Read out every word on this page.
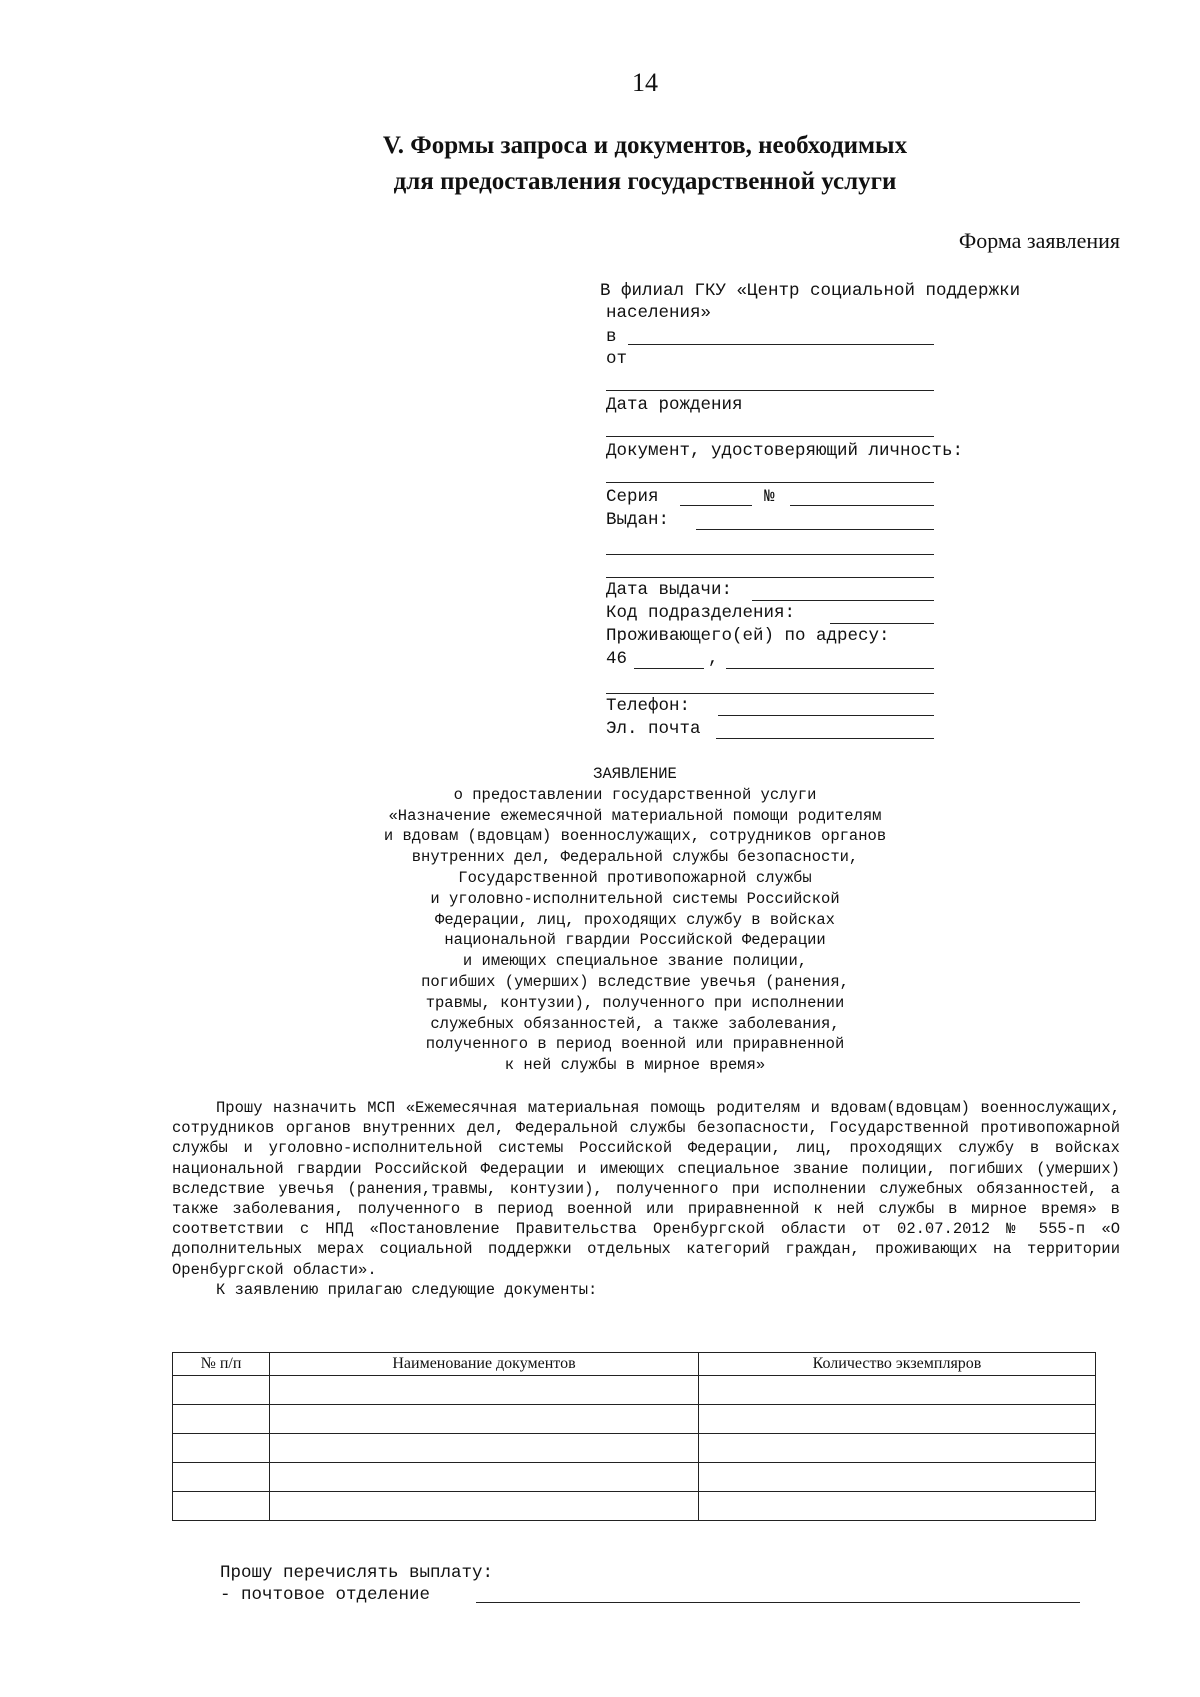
14
V. Формы запроса и документов, необходимых
для предоставления государственной услуги
Форма заявления
В филиал ГКУ «Центр социальной поддержки
населения»
в
от
Дата рождения
Документ, удостоверяющий личность:
Серия	№
Выдан:
Дата выдачи:
Код подразделения:
Проживающего(ей) по адресу:
46	,
Телефон:
Эл. почта
ЗАЯВЛЕНИЕ
о предоставлении государственной услуги
«Назначение ежемесячной материальной помощи родителям
и вдовам (вдовцам) военнослужащих, сотрудников органов
внутренних дел, Федеральной службы безопасности,
Государственной противопожарной службы
и уголовно-исполнительной системы Российской
Федерации, лиц, проходящих службу в войсках
национальной гвардии Российской Федерации
и имеющих специальное звание полиции,
погибших (умерших) вследствие увечья (ранения,
травмы, контузии), полученного при исполнении
служебных обязанностей, а также заболевания,
полученного в период военной или приравненной
к ней службы в мирное время»

Прошу назначить МСП «Ежемесячная материальная помощь родителям и вдовам(вдовцам) военнослужащих, сотрудников органов внутренних дел, Федеральной службы безопасности, Государственной противопожарной службы и уголовно-исполнительной системы Российской Федерации, лиц, проходящих службу в войсках национальной гвардии Российской Федерации и имеющих специальное звание полиции, погибших (умерших) вследствие увечья (ранения,травмы, контузии), полученного при исполнении служебных обязанностей, а также заболевания, полученного в период военной или приравненной к ней службы в мирное время» в соответствии с НПД «Постановление Правительства Оренбургской области от 02.07.2012 № 555-п «О дополнительных мерах социальной поддержки отдельных категорий граждан, проживающих на территории Оренбургской области».

К заявлению прилагаю следующие документы:

№ п/п	Наименование документов	Количество экземпляров

Прошу перечислять выплату:
- почтовое отделение
